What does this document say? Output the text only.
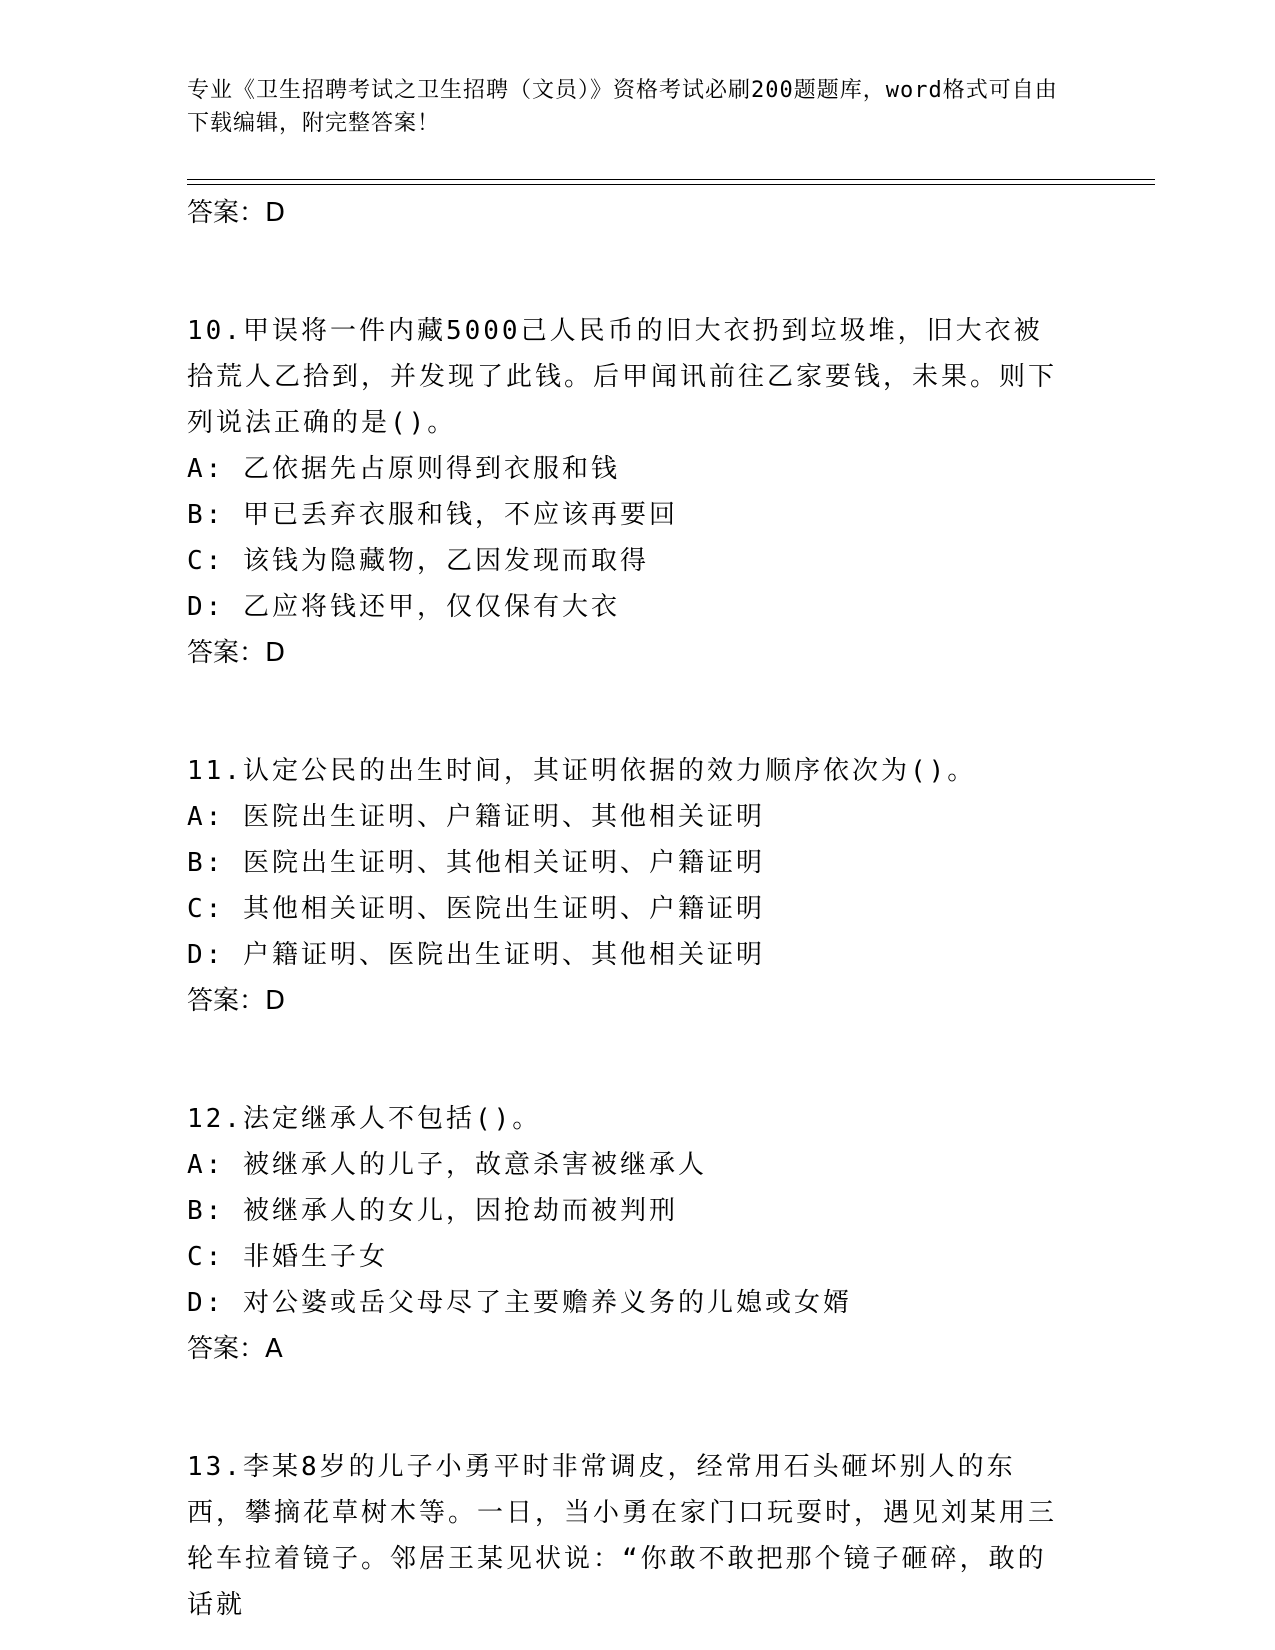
专业《卫生招聘考试之卫生招聘（文员）》资格考试必刷200题题库，word格式可自由下载编辑，附完整答案！
答案：D
10.甲误将一件内藏5000己人民币的旧大衣扔到垃圾堆，旧大衣被拾荒人乙拾到，并发现了此钱。后甲闻讯前往乙家要钱，未果。则下列说法正确的是()。
A: 乙依据先占原则得到衣服和钱
B: 甲已丢弃衣服和钱，不应该再要回
C: 该钱为隐藏物，乙因发现而取得
D: 乙应将钱还甲，仅仅保有大衣
答案：D
11.认定公民的出生时间，其证明依据的效力顺序依次为()。
A: 医院出生证明、户籍证明、其他相关证明
B: 医院出生证明、其他相关证明、户籍证明
C: 其他相关证明、医院出生证明、户籍证明
D: 户籍证明、医院出生证明、其他相关证明
答案：D
12.法定继承人不包括()。
A: 被继承人的儿子，故意杀害被继承人
B: 被继承人的女儿，因抢劫而被判刑
C: 非婚生子女
D: 对公婆或岳父母尽了主要赡养义务的儿媳或女婿
答案：A
13.李某8岁的儿子小勇平时非常调皮，经常用石头砸坏别人的东西，攀摘花草树木等。一日，当小勇在家门口玩耍时，遇见刘某用三轮车拉着镜子。邻居王某见状说：“你敢不敢把那个镜子砸碎，敢的话就
